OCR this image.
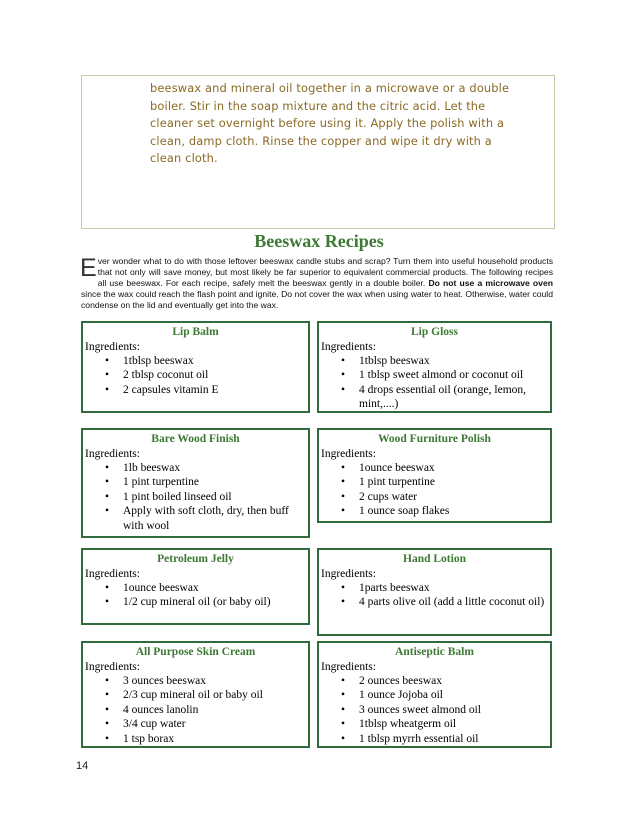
beeswax and mineral oil together in a microwave or a double
boiler. Stir in the soap mixture and the citric acid. Let the
cleaner set overnight before using it. Apply the polish with a
clean, damp cloth. Rinse the copper and wipe it dry with a
clean cloth.
Beeswax Recipes

Ever wonder what to do with those leftover beeswax candle stubs and scrap? Turn them into useful household products that not only will save money, but most likely be far superior to equivalent commercial products. The following recipes all use beeswax. For each recipe, safely melt the beeswax gently in a double boiler. Do not use a microwave oven since the wax could reach the flash point and ignite. Do not cover the wax when using water to heat. Otherwise, water could condense on the lid and eventually get into the wax.

Lip Balm
Ingredients:
• 1tblsp beeswax
• 2 tblsp coconut oil
• 2 capsules vitamin E
Lip Gloss
Ingredients:
• 1tblsp beeswax
• 1 tblsp sweet almond or coconut oil
• 4 drops essential oil (orange, lemon, mint,....)
Bare Wood Finish
Ingredients:
• 1lb beeswax
• 1 pint turpentine
• 1 pint boiled linseed oil
• Apply with soft cloth, dry, then buff with wool
Wood Furniture Polish
Ingredients:
• 1ounce beeswax
• 1 pint turpentine
• 2 cups water
• 1 ounce soap flakes
Petroleum Jelly
Ingredients:
• 1ounce beeswax
• 1/2 cup mineral oil (or baby oil)
Hand Lotion
Ingredients:
• 1parts beeswax
• 4 parts olive oil (add a little coconut oil)
All Purpose Skin Cream
Ingredients:
• 3 ounces beeswax
• 2/3 cup mineral oil or baby oil
• 4 ounces lanolin
• 3/4 cup water
• 1 tsp borax
Antiseptic Balm
Ingredients:
• 2 ounces beeswax
• 1 ounce Jojoba oil
• 3 ounces sweet almond oil
• 1tblsp wheatgerm oil
• 1 tblsp myrrh essential oil
14
